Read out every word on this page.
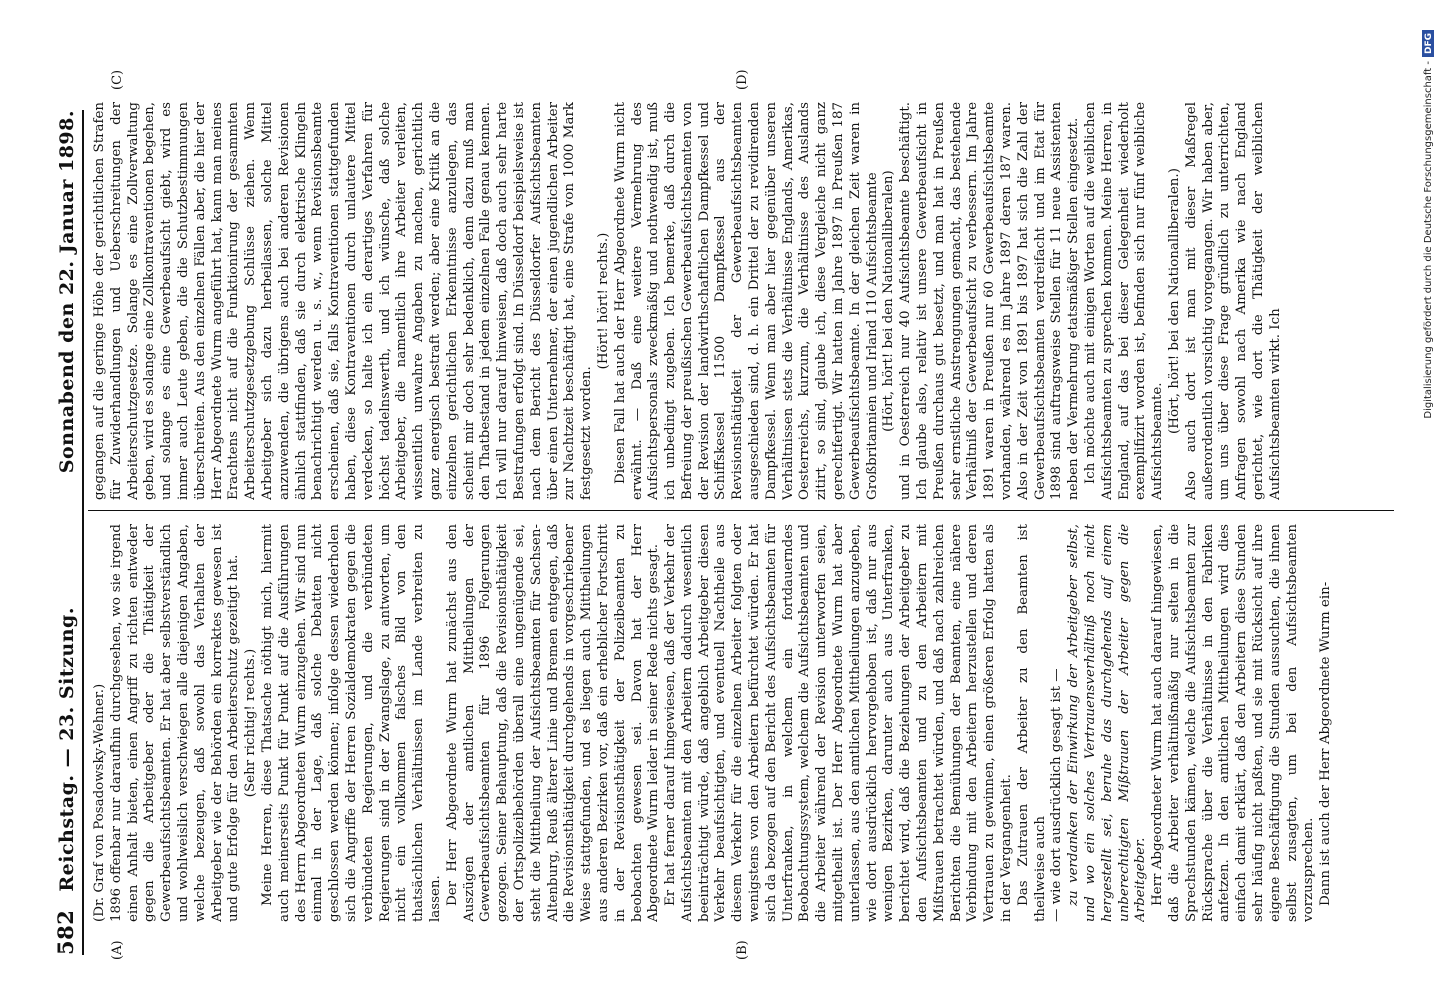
582
Reichstag. — 23. Sitzung.
Sonnabend den 22. Januar 1898.
(A)	(B)
(C)	(D)

(Dr. Graf von Posadowsky-Wehner.) 1896 offenbar nur daraufhin durchgesehen, wo sie irgend einen Anhalt bieten, einen Angriff zu richten entweder gegen die Arbeitgeber oder die Thätigkeit der Gewerbeaufsichtsbeamten. Er hat aber selbstverständlich und wohlweislich verschwiegen alle diejenigen Angaben, welche bezeugen, daß sowohl das Verhalten der Arbeitgeber wie der Behörden ein korrektes gewesen ist und gute Erfolge für den Arbeiterschutz gezeitigt hat. (Sehr richtig! rechts.) Meine Herren, diese Thatsache nöthigt mich, hiermit auch meinerseits Punkt für Punkt auf die Ausführungen des Herrn Abgeordneten Wurm einzugehen. Wir sind nun einmal in der Lage, daß solche Debatten nicht geschlossen werden können; infolge dessen wiederholen sich die Angriffe der Herren Sozialdemokraten gegen die verbündeten Regierungen, und die verbündeten Regierungen sind in der Zwangslage, zu antworten, um nicht ein vollkommen falsches Bild von den thatsächlichen Verhältnissen im Lande verbreiten zu lassen. Der Herr Abgeordnete Wurm hat zunächst aus den Auszügen der amtlichen Mittheilungen der Gewerbeaufsichtsbeamten für 1896 Folgerungen gezogen. Seiner Behauptung, daß die Revisionsthätigkeit der Ortspolizeibehörden überall eine ungenügende sei, steht die Mittheilung der Aufsichtsbeamten für Sachsen-Altenburg, Reuß älterer Linie und Bremen entgegen, daß die Revisionsthätigkeit durchgehends in vorgeschriebener Weise stattgefunden, und es liegen auch Mittheilungen aus anderen Bezirken vor, daß ein erheblicher Fortschritt in der Revisionsthätigkeit der Polizeibeamten zu beobachten gewesen sei. Davon hat der Herr Abgeordnete Wurm leider in seiner Rede nichts gesagt. Er hat ferner darauf hingewiesen, daß der Verkehr der Aufsichtsbeamten mit den Arbeitern dadurch wesentlich beeinträchtigt würde, daß angeblich Arbeitgeber diesen Verkehr beaufsichtigten, und eventuell Nachtheile aus diesem Verkehr für die einzelnen Arbeiter folgten oder wenigstens von den Arbeitern befürchtet würden. Er hat sich da bezogen auf den Bericht des Aufsichtsbeamten für Unterfranken, in welchem ein fortdauerndes Beobachtungssystem, welchem die Aufsichtsbeamten und die Arbeiter während der Revision unterworfen seien, mitgetheilt ist. Der Herr Abgeordnete Wurm hat aber unterlassen, aus den amtlichen Mittheilungen anzugeben, wie dort ausdrücklich hervorgehoben ist, daß nur aus wenigen Bezirken, darunter auch aus Unterfranken, berichtet wird, daß die Beziehungen der Arbeitgeber zu den Aufsichtsbeamten und zu den Arbeitern mit Mißtrauen betrachtet würden, und daß nach zahlreichen Berichten die Bemühungen der Beamten, eine nähere Verbindung mit den Arbeitern herzustellen und deren Vertrauen zu gewinnen, einen größeren Erfolg hatten als in der Vergangenheit. Das Zutrauen der Arbeiter zu den Beamten ist theilweise auch — wie dort ausdrücklich gesagt ist — zu verdanken der Einwirkung der Arbeitgeber selbst, und wo ein solches Vertrauensverhältniß noch nicht hergestellt sei, beruhe das durchgehends auf einem unberechtigten Mißtrauen der Arbeiter gegen die Arbeitgeber. Herr Abgeordneter Wurm hat auch darauf hingewiesen, daß die Arbeiter verhältnißmäßig nur selten in die Sprechstunden kämen, welche die Aufsichtsbeamten zur Rücksprache über die Verhältnisse in den Fabriken anfetzen. In den amtlichen Mittheilungen wird dies einfach damit erklärt, daß den Arbeitern diese Stunden sehr häufig nicht paßten, und sie mit Rücksicht auf ihre eigene Beschäftigung die Stunden aussuchten, die ihnen selbst zusagten, um bei den Aufsichtsbeamten vorzusprechen. Dann ist auch der Herr Abgeordnete Wurm ein-

gegangen auf die geringe Höhe der gerichtlichen Strafen für Zuwiderhandlungen und Ueberschreitungen der Arbeiterschutzgesetze. Solange es eine Zollverwaltung geben, wird es solange eine Zollkontraventionen begehen, und solange es eine Gewerbeaufsicht giebt, wird es immer auch Leute geben, die die Schutzbestimmungen überschreiten. Aus den einzelnen Fällen aber, die hier der Herr Abgeordnete Wurm angeführt hat, kann man meines Erachtens nicht auf die Funktionirung der gesammten Arbeiterschutzgesetzgebung Schlüsse ziehen. Wenn Arbeitgeber sich dazu herbeilassen, solche Mittel anzuwenden, die übrigens auch bei anderen Revisionen ähnlich stattfinden, daß sie durch elektrische Klingeln benachrichtigt werden u. s. w., wenn Revisionsbeamte erscheinen, daß sie, falls Kontraventionen stattgefunden haben, diese Kontraventionen durch unlautere Mittel verdecken, so halte ich ein derartiges Verfahren für höchst tadelnswerth, und ich wünsche, daß solche Arbeitgeber, die namentlich ihre Arbeiter verleiten, wissentlich unwahre Angaben zu machen, gerichtlich ganz energisch bestraft werden; aber eine Kritik an die einzelnen gerichtlichen Erkenntnisse anzulegen, das scheint mir doch sehr bedenklich, denn dazu muß man den Thatbestand in jedem einzelnen Falle genau kennen. Ich will nur darauf hinweisen, daß doch auch sehr harte Bestrafungen erfolgt sind. In Düsseldorf beispielsweise ist nach dem Bericht des Düsseldorfer Aufsichtsbeamten über einen Unternehmer, der einen jugendlichen Arbeiter zur Nachtzeit beschäftigt hat, eine Strafe von 1000 Mark festgesetzt worden.

(Hört! hört! rechts.) Diesen Fall hat auch der Herr Abgeordnete Wurm nicht erwähnt. — Daß eine weitere Vermehrung des Aufsichtspersonals zweckmäßig und nothwendig ist, muß ich unbedingt zugeben. Ich bemerke, daß durch die Befreiung der preußischen Gewerbeaufsichtsbeamten von der Revision der landwirthschaftlichen Dampfkessel und Schiffskessel 11500 Dampfkessel aus der Revisionsthätigkeit der Gewerbeaufsichtsbeamten ausgeschieden sind, d. h. ein Drittel der zu revidirenden Dampfkessel. Wenn man aber hier gegenüber unseren Verhältnissen stets die Verhältnisse Englands, Amerikas, Oesterreichs, kurzum, die Verhältnisse des Auslands zitirt, so sind, glaube ich, diese Vergleiche nicht ganz gerechtfertigt. Wir hatten im Jahre 1897 in Preußen 187 Gewerbeaufsichtsbeamte. In der gleichen Zeit waren in Großbritannien und Irland 110 Aufsichtsbeamte (Hört, hört! bei den Nationalliberalen) und in Oesterreich nur 40 Aufsichtsbeamte beschäftigt. Ich glaube also, relativ ist unsere Gewerbeaufsicht in Preußen durchaus gut besetzt, und man hat in Preußen sehr ernstliche Anstrengungen gemacht, das bestehende Verhältniß der Gewerbeaufsicht zu verbessern. Im Jahre 1891 waren in Preußen nur 60 Gewerbeaufsichtsbeamte vorhanden, während es im Jahre 1897 deren 187 waren. Also in der Zeit von 1891 bis 1897 hat sich die Zahl der Gewerbeaufsichtsbeamten verdreifacht und im Etat für 1898 sind auftragsweise Stellen für 11 neue Assistenten neben der Vermehrung etatsmäßiger Stellen eingesetzt. Ich möchte auch mit einigen Worten auf die weiblichen Aufsichtsbeamten zu sprechen kommen. Meine Herren, in England, auf das bei dieser Gelegenheit wiederholt exemplifizirt worden ist, befinden sich nur fünf weibliche Aufsichtsbeamte.

(Hört, hört! bei den Nationalliberalen.) Also auch dort ist man mit dieser Maßregel außerordentlich vorsichtig vorgegangen. Wir haben aber, um uns über diese Frage gründlich zu unterrichten, Anfragen sowohl nach Amerika wie nach England gerichtet, wie dort die Thätigkeit der weiblichen Aufsichtsbeamten wirkt. Ich	Digitalisierung gefördert durch die Deutsche Forschungsgemeinschaft -DFG
